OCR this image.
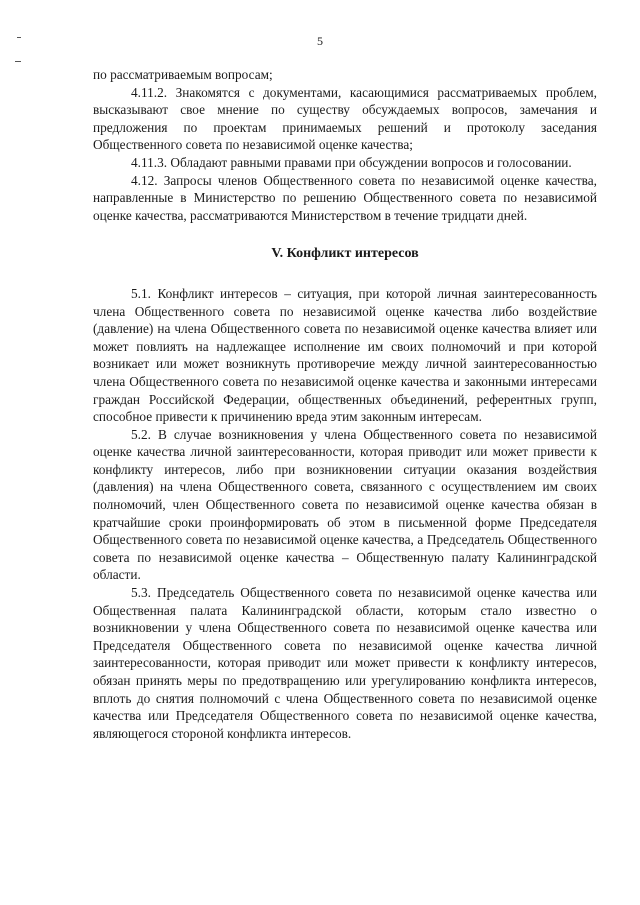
5

по рассматриваемым вопросам;

4.11.2. Знакомятся с документами, касающимися рассматриваемых проблем, высказывают свое мнение по существу обсуждаемых вопросов, замечания и предложения по проектам принимаемых решений и протоколу заседания Общественного совета по независимой оценке качества;

4.11.3. Обладают равными правами при обсуждении вопросов и голосовании.

4.12. Запросы членов Общественного совета по независимой оценке качества, направленные в Министерство по решению Общественного совета по независимой оценке качества, рассматриваются Министерством в течение тридцати дней.

V. Конфликт интересов

5.1. Конфликт интересов – ситуация, при которой личная заинтересованность члена Общественного совета по независимой оценке качества либо воздействие (давление) на члена Общественного совета по независимой оценке качества влияет или может повлиять на надлежащее исполнение им своих полномочий и при которой возникает или может возникнуть противоречие между личной заинтересованностью члена Общественного совета по независимой оценке качества и законными интересами граждан Российской Федерации, общественных объединений, референтных групп, способное привести к причинению вреда этим законным интересам.

5.2. В случае возникновения у члена Общественного совета по независимой оценке качества личной заинтересованности, которая приводит или может привести к конфликту интересов, либо при возникновении ситуации оказания воздействия (давления) на члена Общественного совета, связанного с осуществлением им своих полномочий, член Общественного совета по независимой оценке качества обязан в кратчайшие сроки проинформировать об этом в письменной форме Председателя Общественного совета по независимой оценке качества, а Председатель Общественного совета по независимой оценке качества – Общественную палату Калининградской области.

5.3. Председатель Общественного совета по независимой оценке качества или Общественная палата Калининградской области, которым стало известно о возникновении у члена Общественного совета по независимой оценке качества или Председателя Общественного совета по независимой оценке качества личной заинтересованности, которая приводит или может привести к конфликту интересов, обязан принять меры по предотвращению или урегулированию конфликта интересов, вплоть до снятия полномочий с члена Общественного совета по независимой оценке качества или Председателя Общественного совета по независимой оценке качества, являющегося стороной конфликта интересов.
